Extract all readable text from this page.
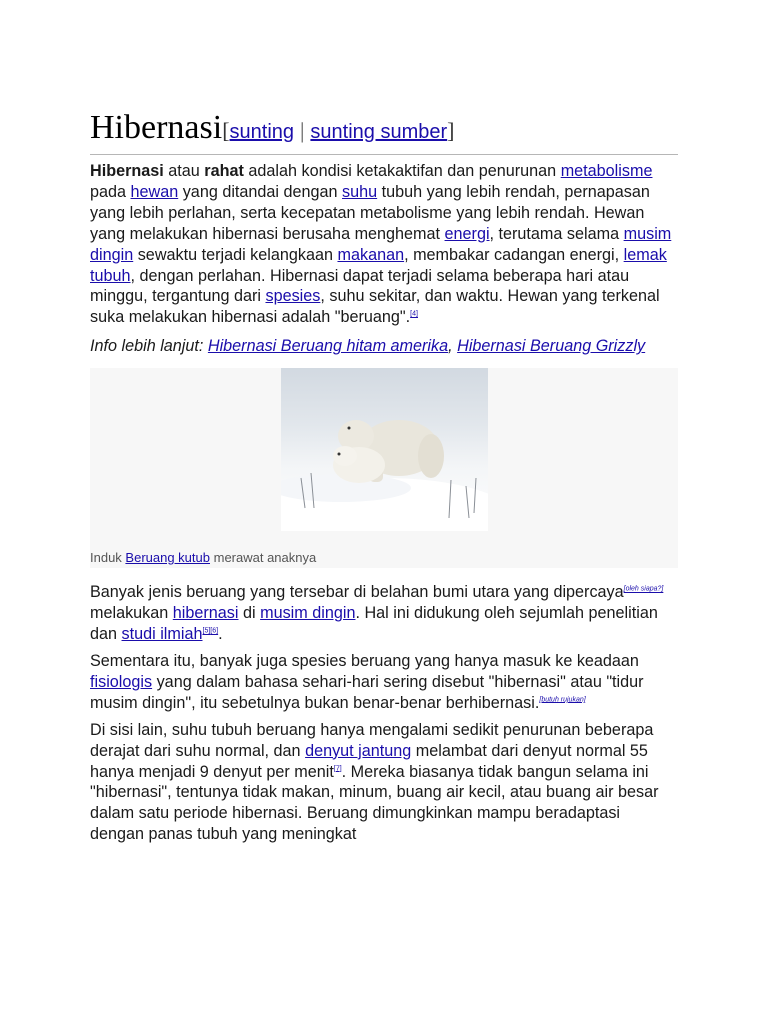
Hibernasi[sunting | sunting sumber]

Hibernasi atau rahat adalah kondisi ketakaktifan dan penurunan metabolisme pada hewan yang ditandai dengan suhu tubuh yang lebih rendah, pernapasan yang lebih perlahan, serta kecepatan metabolisme yang lebih rendah. Hewan yang melakukan hibernasi berusaha menghemat energi, terutama selama musim dingin sewaktu terjadi kelangkaan makanan, membakar cadangan energi, lemak tubuh, dengan perlahan. Hibernasi dapat terjadi selama beberapa hari atau minggu, tergantung dari spesies, suhu sekitar, dan waktu. Hewan yang terkenal suka melakukan hibernasi adalah "beruang".[4]

Info lebih lanjut: Hibernasi Beruang hitam amerika, Hibernasi Beruang Grizzly
Induk Beruang kutub merawat anaknya

Banyak jenis beruang yang tersebar di belahan bumi utara yang dipercaya[oleh siapa?] melakukan hibernasi di musim dingin. Hal ini didukung oleh sejumlah penelitian dan studi ilmiah[5][6].

Sementara itu, banyak juga spesies beruang yang hanya masuk ke keadaan fisiologis yang dalam bahasa sehari-hari sering disebut "hibernasi" atau "tidur musim dingin", itu sebetulnya bukan benar-benar berhibernasi.[butuh rujukan]

Di sisi lain, suhu tubuh beruang hanya mengalami sedikit penurunan beberapa derajat dari suhu normal, dan denyut jantung melambat dari denyut normal 55 hanya menjadi 9 denyut per menit[7]. Mereka biasanya tidak bangun selama ini "hibernasi", tentunya tidak makan, minum, buang air kecil, atau buang air besar dalam satu periode hibernasi. Beruang dimungkinkan mampu beradaptasi dengan panas tubuh yang meningkat
